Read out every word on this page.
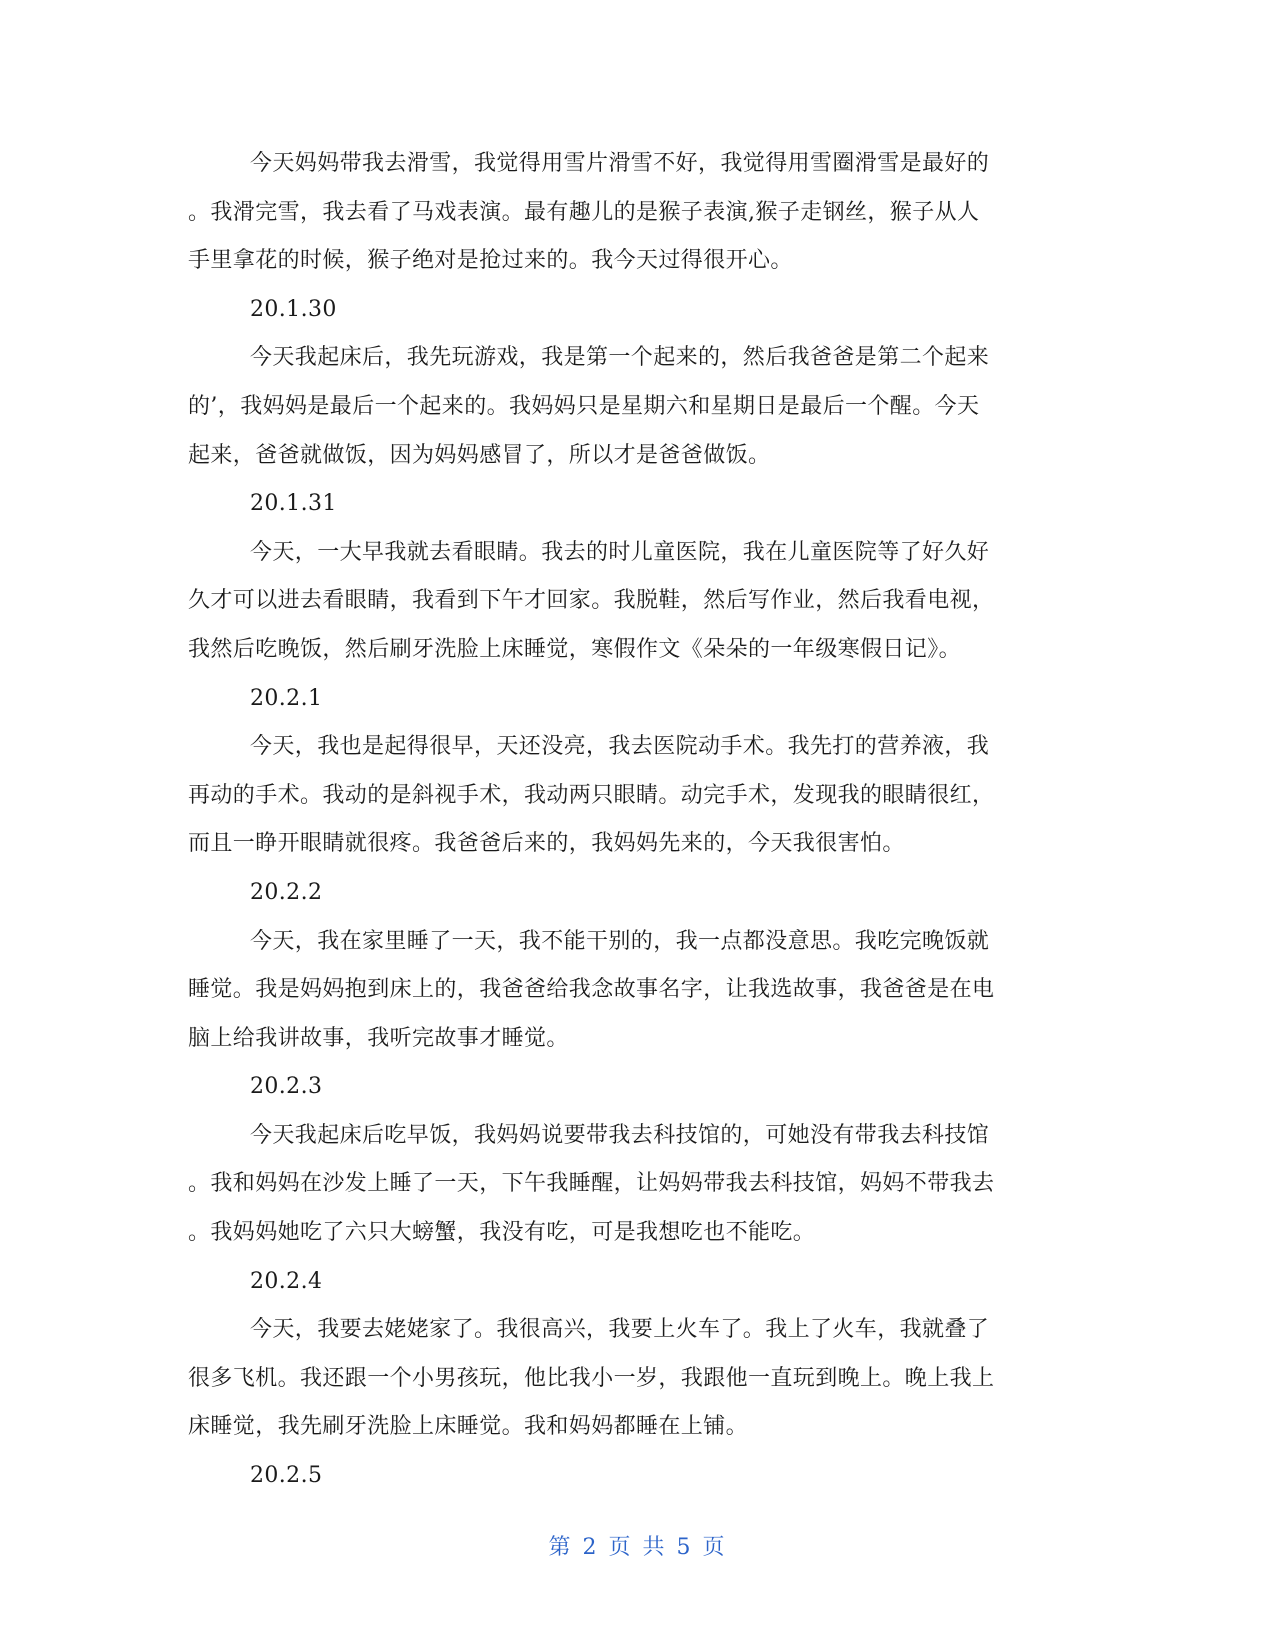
今天妈妈带我去滑雪，我觉得用雪片滑雪不好，我觉得用雪圈滑雪是最好的
。我滑完雪，我去看了马戏表演。最有趣儿的是猴子表演,猴子走钢丝，猴子从人
手里拿花的时候，猴子绝对是抢过来的。我今天过得很开心。
20.1.30
今天我起床后，我先玩游戏，我是第一个起来的，然后我爸爸是第二个起来
的’，我妈妈是最后一个起来的。我妈妈只是星期六和星期日是最后一个醒。今天
起来，爸爸就做饭，因为妈妈感冒了，所以才是爸爸做饭。
20.1.31
今天，一大早我就去看眼睛。我去的时儿童医院，我在儿童医院等了好久好
久才可以进去看眼睛，我看到下午才回家。我脱鞋，然后写作业，然后我看电视，
我然后吃晚饭，然后刷牙洗脸上床睡觉，寒假作文《朵朵的一年级寒假日记》。
20.2.1
今天，我也是起得很早，天还没亮，我去医院动手术。我先打的营养液，我
再动的手术。我动的是斜视手术，我动两只眼睛。动完手术，发现我的眼睛很红，
而且一睁开眼睛就很疼。我爸爸后来的，我妈妈先来的，今天我很害怕。
20.2.2
今天，我在家里睡了一天，我不能干别的，我一点都没意思。我吃完晚饭就
睡觉。我是妈妈抱到床上的，我爸爸给我念故事名字，让我选故事，我爸爸是在电
脑上给我讲故事，我听完故事才睡觉。
20.2.3
今天我起床后吃早饭，我妈妈说要带我去科技馆的，可她没有带我去科技馆
。我和妈妈在沙发上睡了一天，下午我睡醒，让妈妈带我去科技馆，妈妈不带我去
。我妈妈她吃了六只大螃蟹，我没有吃，可是我想吃也不能吃。
20.2.4
今天，我要去姥姥家了。我很高兴，我要上火车了。我上了火车，我就叠了
很多飞机。我还跟一个小男孩玩，他比我小一岁，我跟他一直玩到晚上。晚上我上
床睡觉，我先刷牙洗脸上床睡觉。我和妈妈都睡在上铺。
20.2.5
第 2 页 共 5 页
